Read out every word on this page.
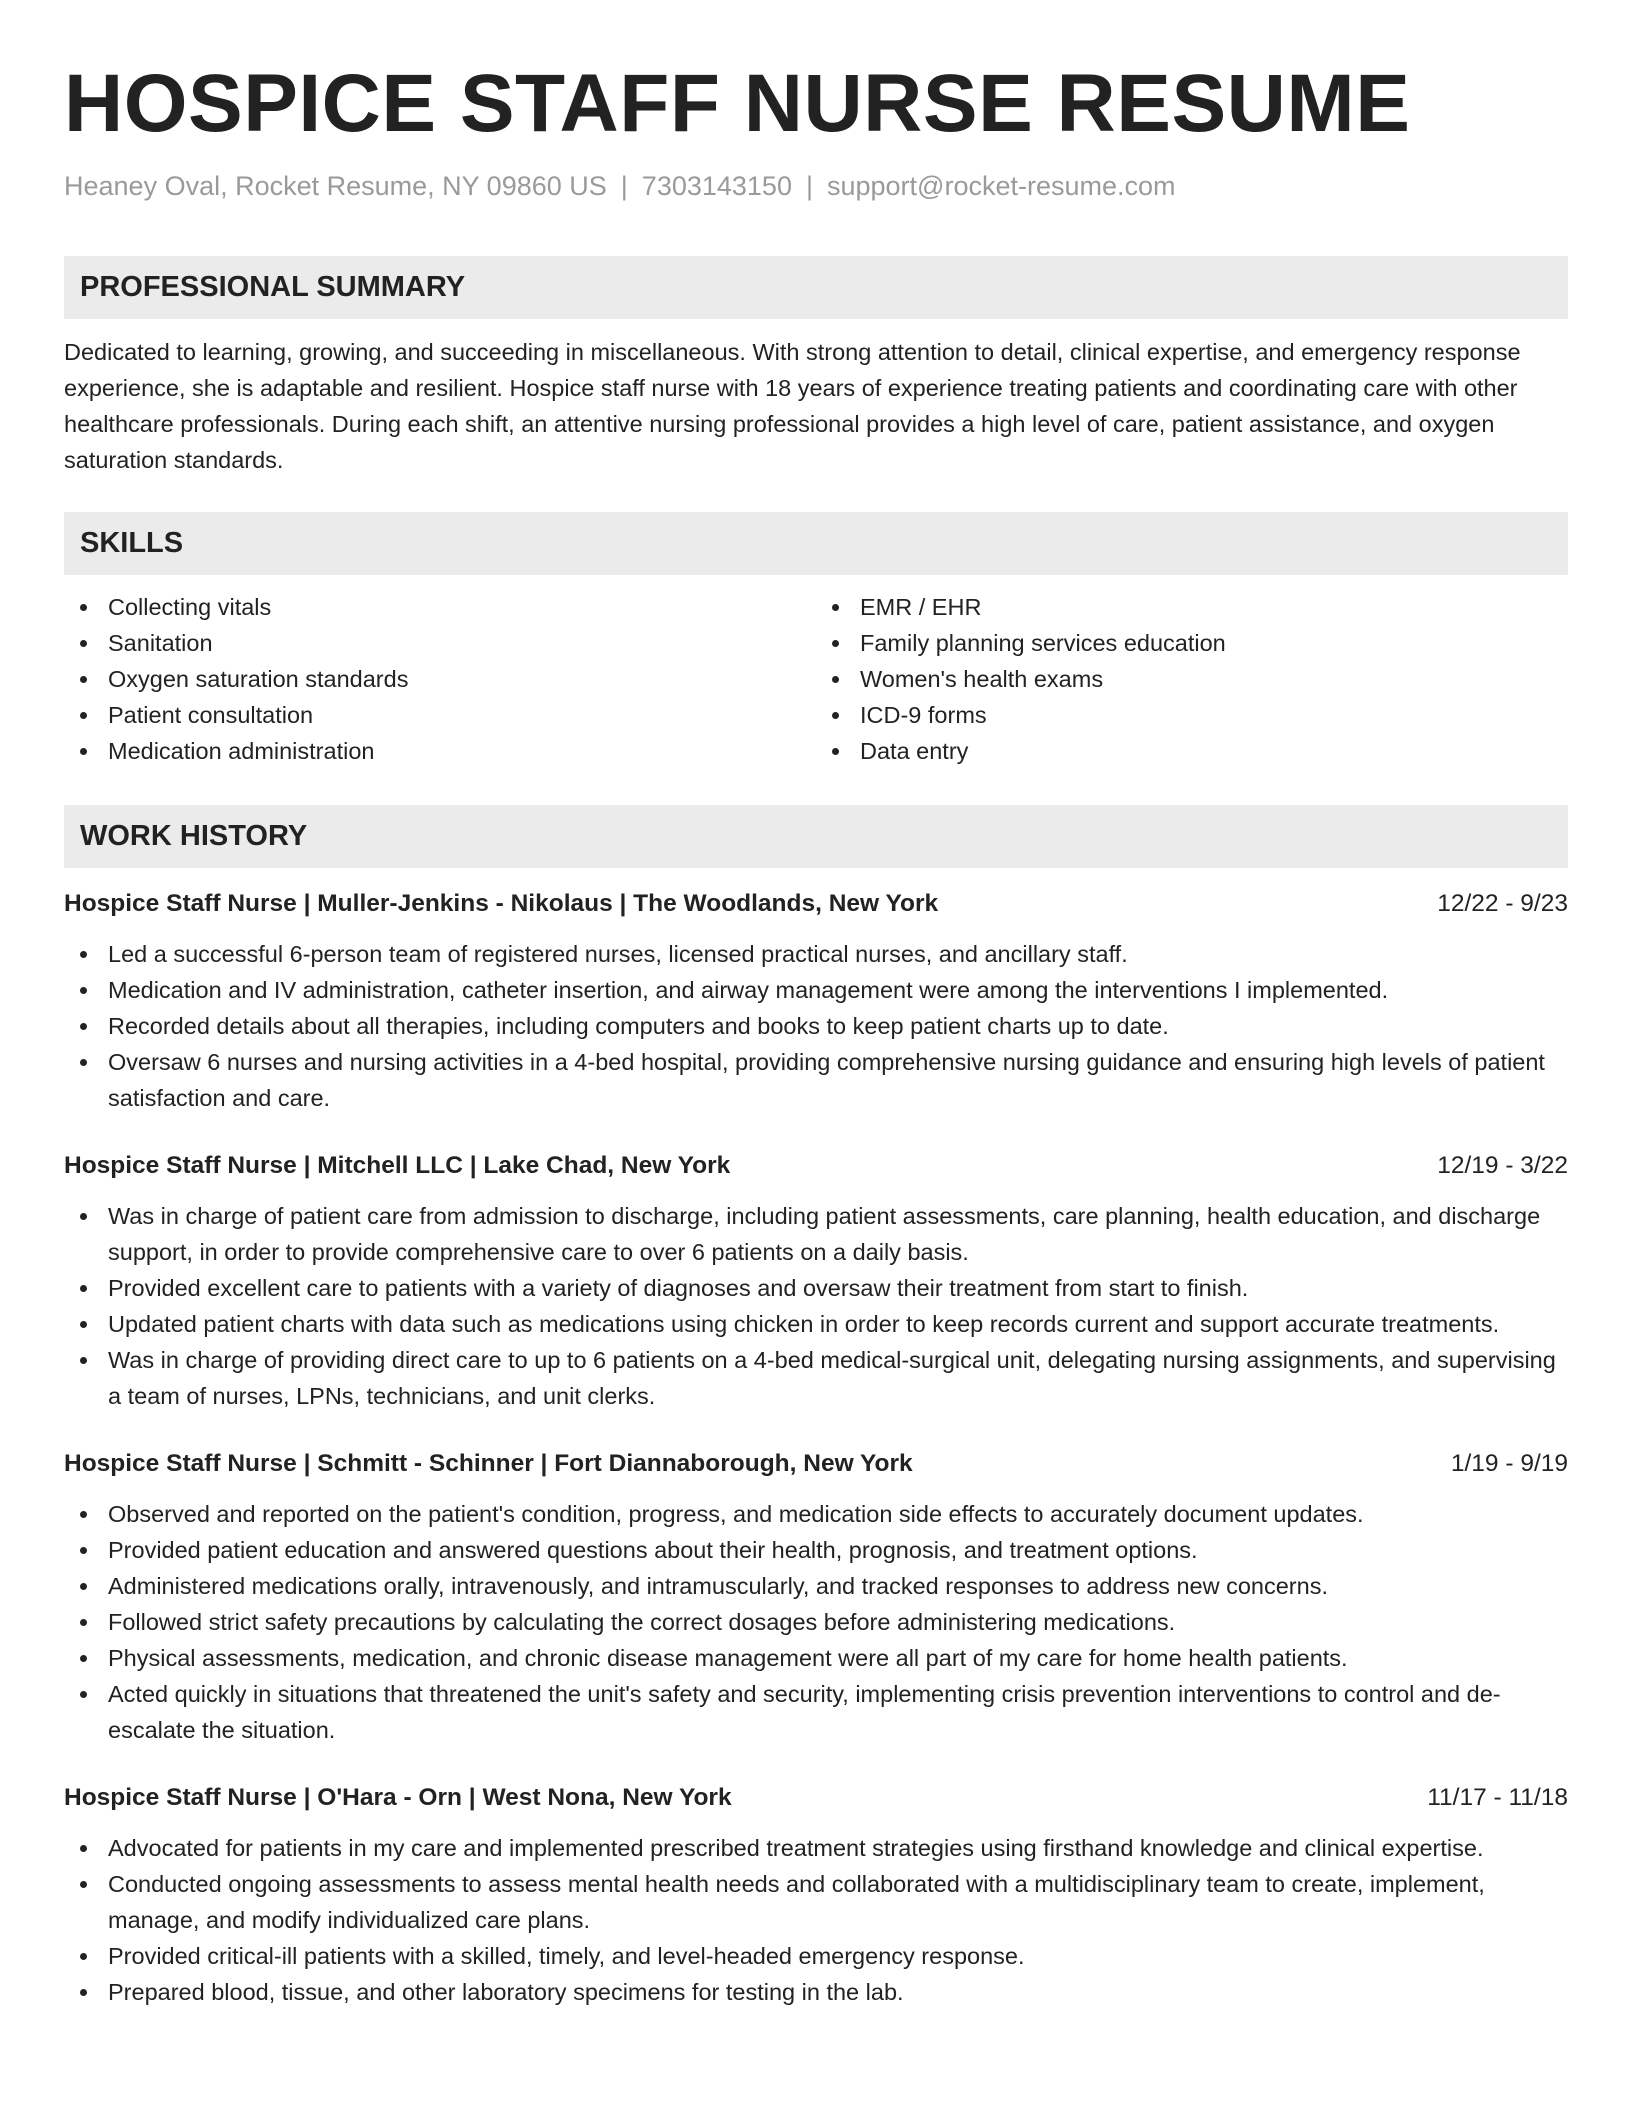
HOSPICE STAFF NURSE RESUME
Heaney Oval, Rocket Resume, NY 09860 US | 7303143150 | support@rocket-resume.com
PROFESSIONAL SUMMARY
Dedicated to learning, growing, and succeeding in miscellaneous. With strong attention to detail, clinical expertise, and emergency response experience, she is adaptable and resilient. Hospice staff nurse with 18 years of experience treating patients and coordinating care with other healthcare professionals. During each shift, an attentive nursing professional provides a high level of care, patient assistance, and oxygen saturation standards.
SKILLS
Collecting vitals
Sanitation
Oxygen saturation standards
Patient consultation
Medication administration
EMR / EHR
Family planning services education
Women's health exams
ICD-9 forms
Data entry
WORK HISTORY
Hospice Staff Nurse | Muller-Jenkins - Nikolaus | The Woodlands, New York	12/22 - 9/23
Led a successful 6-person team of registered nurses, licensed practical nurses, and ancillary staff.
Medication and IV administration, catheter insertion, and airway management were among the interventions I implemented.
Recorded details about all therapies, including computers and books to keep patient charts up to date.
Oversaw 6 nurses and nursing activities in a 4-bed hospital, providing comprehensive nursing guidance and ensuring high levels of patient satisfaction and care.
Hospice Staff Nurse | Mitchell LLC | Lake Chad, New York	12/19 - 3/22
Was in charge of patient care from admission to discharge, including patient assessments, care planning, health education, and discharge support, in order to provide comprehensive care to over 6 patients on a daily basis.
Provided excellent care to patients with a variety of diagnoses and oversaw their treatment from start to finish.
Updated patient charts with data such as medications using chicken in order to keep records current and support accurate treatments.
Was in charge of providing direct care to up to 6 patients on a 4-bed medical-surgical unit, delegating nursing assignments, and supervising a team of nurses, LPNs, technicians, and unit clerks.
Hospice Staff Nurse | Schmitt - Schinner | Fort Diannaborough, New York	1/19 - 9/19
Observed and reported on the patient's condition, progress, and medication side effects to accurately document updates.
Provided patient education and answered questions about their health, prognosis, and treatment options.
Administered medications orally, intravenously, and intramuscularly, and tracked responses to address new concerns.
Followed strict safety precautions by calculating the correct dosages before administering medications.
Physical assessments, medication, and chronic disease management were all part of my care for home health patients.
Acted quickly in situations that threatened the unit's safety and security, implementing crisis prevention interventions to control and de-escalate the situation.
Hospice Staff Nurse | O'Hara - Orn | West Nona, New York	11/17 - 11/18
Advocated for patients in my care and implemented prescribed treatment strategies using firsthand knowledge and clinical expertise.
Conducted ongoing assessments to assess mental health needs and collaborated with a multidisciplinary team to create, implement, manage, and modify individualized care plans.
Provided critical-ill patients with a skilled, timely, and level-headed emergency response.
Prepared blood, tissue, and other laboratory specimens for testing in the lab.
